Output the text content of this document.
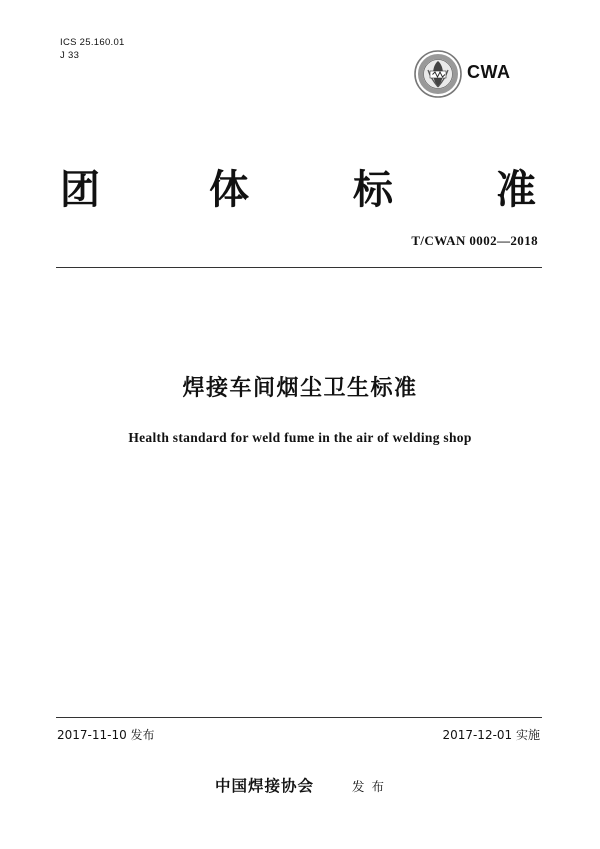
ICS 25.160.01
J 33
CWA
团	体	标	准
T/CWAN 0002—2018
焊接车间烟尘卫生标准
Health standard for weld fume in the air of welding shop
2017-11-10 发布	2017-12-01 实施
中国焊接协会	发布
